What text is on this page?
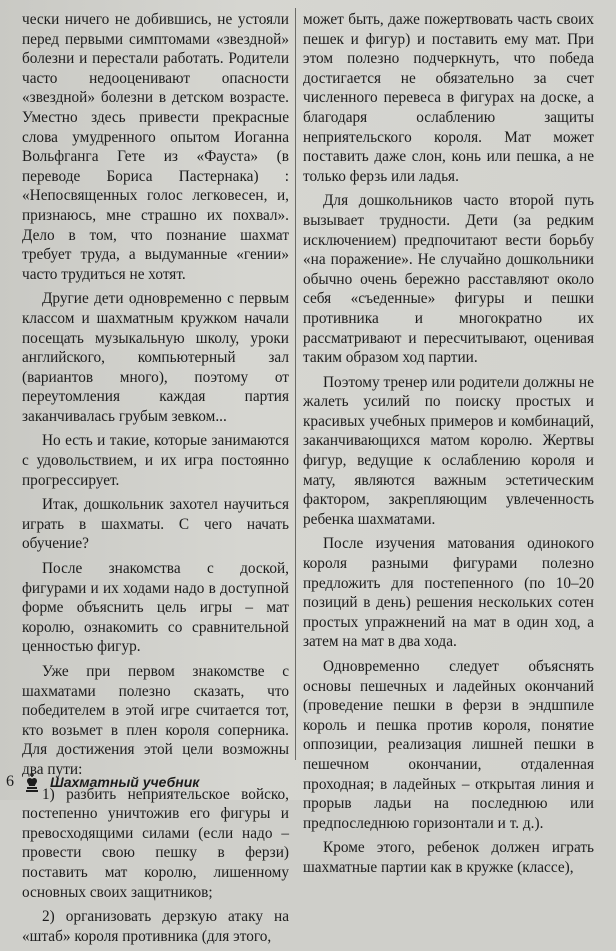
чески ничего не добившись, не устояли перед первыми симптомами «звездной» болезни и перестали работать. Родители часто недооценивают опасности «звездной» болезни в детском возрасте. Уместно здесь привести прекрасные слова умудренного опытом Иоганна Вольфганга Гете из «Фауста» (в переводе Бориса Пастернака) : «Непосвященных голос легковесен, и, признаюсь, мне страшно их похвал». Дело в том, что познание шахмат требует труда, а выдуманные «гении» часто трудиться не хотят.

Другие дети одновременно с первым классом и шахматным кружком начали посещать музыкальную школу, уроки английского, компьютерный зал (вариантов много), поэтому от переутомления каждая партия заканчивалась грубым зевком...

Но есть и такие, которые занимаются с удовольствием, и их игра постоянно прогрессирует.

Итак, дошкольник захотел научиться играть в шахматы. С чего начать обучение?

После знакомства с доской, фигурами и их ходами надо в доступной форме объяснить цель игры – мат королю, ознакомить со сравнительной ценностью фигур.

Уже при первом знакомстве с шахматами полезно сказать, что победителем в этой игре считается тот, кто возьмет в плен короля соперника. Для достижения этой цели возможны два пути:

1) разбить неприятельское войско, постепенно уничтожив его фигуры и превосходящими силами (если надо – провести свою пешку в ферзи) поставить мат королю, лишенному основных своих защитников;

2) организовать дерзкую атаку на «штаб» короля противника (для этого,

может быть, даже пожертвовать часть своих пешек и фигур) и поставить ему мат. При этом полезно подчеркнуть, что победа достигается не обязательно за счет численного перевеса в фигурах на доске, а благодаря ослаблению защиты неприятельского короля. Мат может поставить даже слон, конь или пешка, а не только ферзь или ладья.

Для дошкольников часто второй путь вызывает трудности. Дети (за редким исключением) предпочитают вести борьбу «на поражение». Не случайно дошкольники обычно очень бережно расставляют около себя «съеденные» фигуры и пешки противника и многократно их рассматривают и пересчитывают, оценивая таким образом ход партии.

Поэтому тренер или родители должны не жалеть усилий по поиску простых и красивых учебных примеров и комбинаций, заканчивающихся матом королю. Жертвы фигур, ведущие к ослаблению короля и мату, являются важным эстетическим фактором, закрепляющим увлеченность ребенка шахматами.

После изучения матования одинокого короля разными фигурами полезно предложить для постепенного (по 10–20 позиций в день) решения нескольких сотен простых упражнений на мат в один ход, а затем на мат в два хода.

Одновременно следует объяснять основы пешечных и ладейных окончаний (проведение пешки в ферзи в эндшпиле король и пешка против короля, понятие оппозиции, реализация лишней пешки в пешечном окончании, отдаленная проходная; в ладейных – открытая линия и прорыв ладьи на последнюю или предпоследнюю горизонтали и т. д.).

Кроме этого, ребенок должен играть шахматные партии как в кружке (классе),

6	Шахматный учебник
